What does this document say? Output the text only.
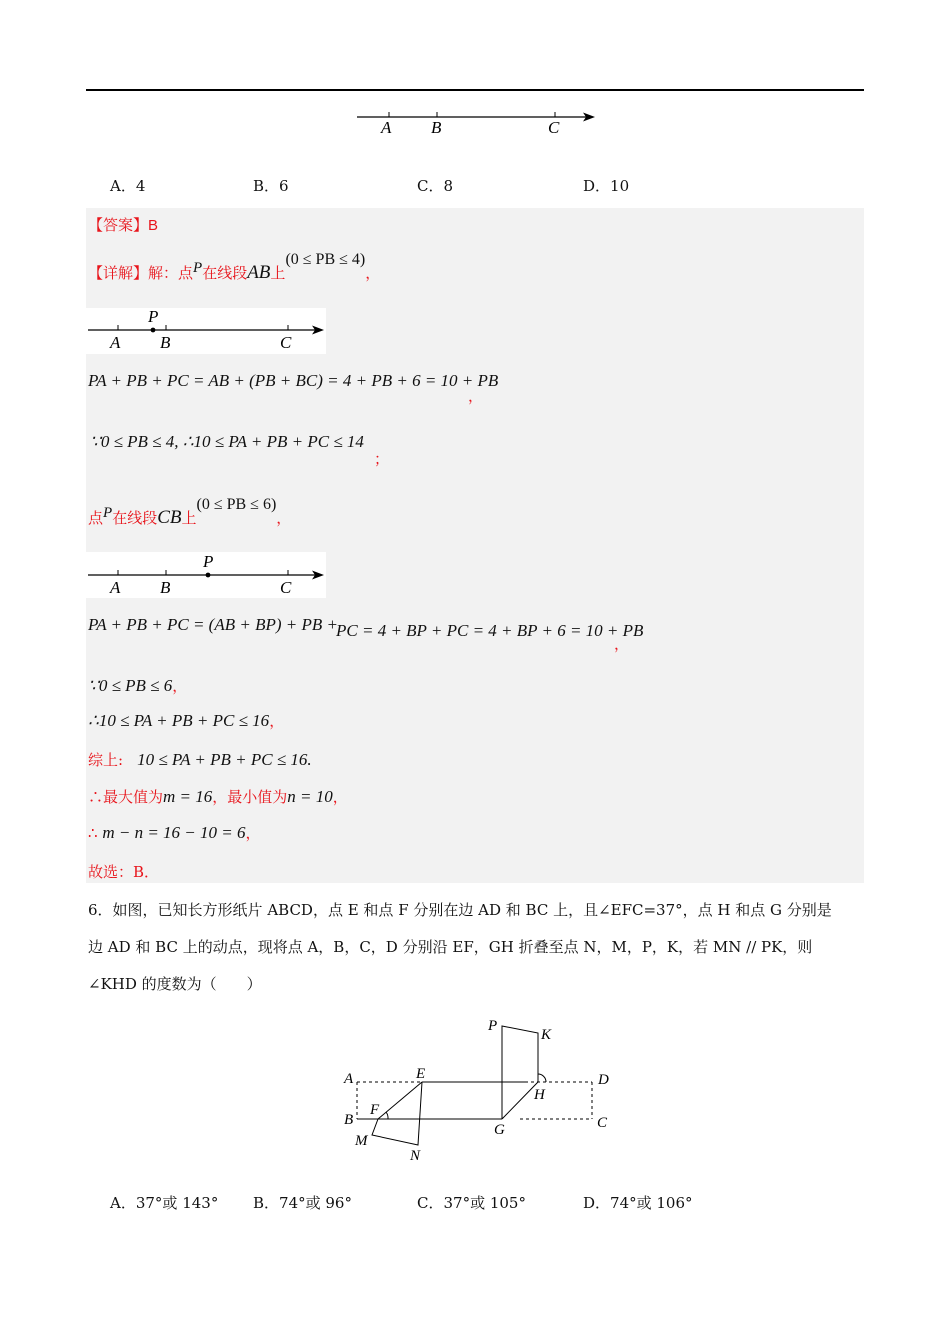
A B	C
A．4	B．6	C．8	D．10
【答案】B
【详解】解：点P在线段AB上(0 ≤ PB ≤ 4)，
P
A B	C
PA + PB + PC = AB + (PB + BC) = 4 + PB + 6 = 10 + PB
，
∵0 ≤ PB ≤ 4, ∴10 ≤ PA + PB + PC ≤ 14
；
点P在线段CB上(0 ≤ PB ≤ 6)，
P
A B	C
PA + PB + PC = (AB + BP) + PB +
PC = 4 + BP + PC = 4 + BP + 6 = 10 + PB
，
∵0 ≤ PB ≤ 6，
∴10 ≤ PA + PB + PC ≤ 16，
综上: 10 ≤ PA + PB + PC ≤ 16.
∴最大值为m = 16，最小值为n = 10，
∴ m − n = 16 − 10 = 6，
故选：B．
6．如图，已知长方形纸片 ABCD，点 E 和点 F 分别在边 AD 和 BC 上，且∠EFC=37°，点 H 和点 G 分别是
边 AD 和 BC 上的动点，现将点 A，B，C，D 分别沿 EF，GH 折叠至点 N，M，P，K，若 MN // PK，则
∠KHD 的度数为（　　）
P
K
A	E	D
H
B
F
G	C
M
N
A．37°或 143° B．74°或 96°	C．37°或 105°	D．74°或 106°
